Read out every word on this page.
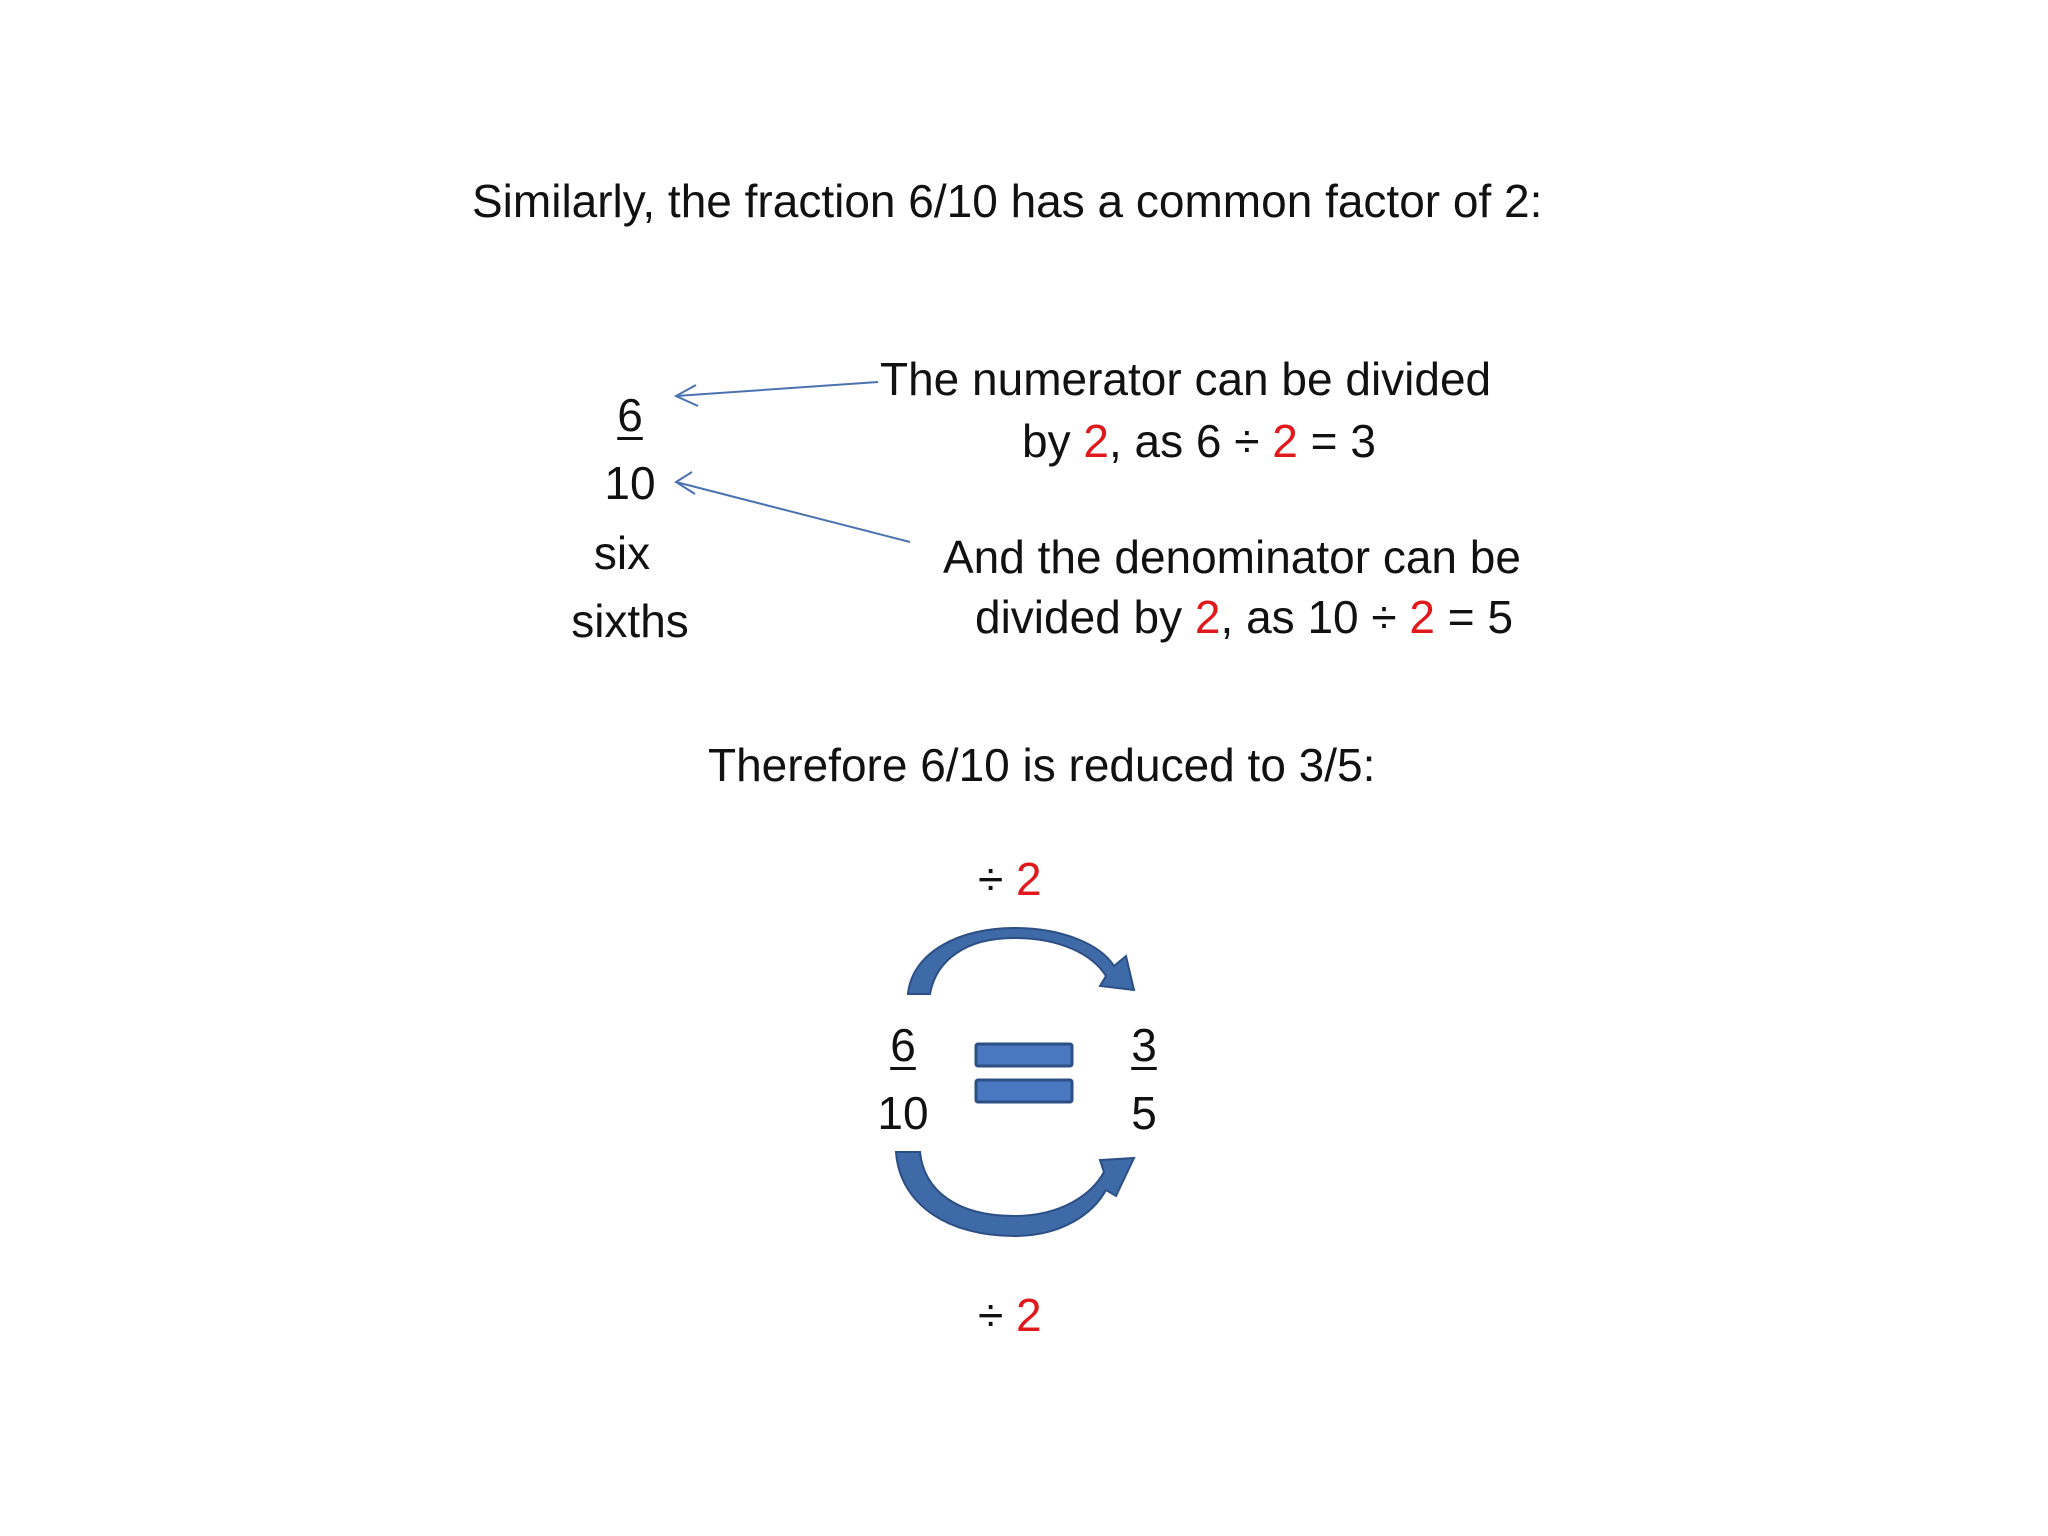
Similarly, the fraction 6/10 has a common factor of 2:
6
10
six
sixths
The numerator can be divided
by 2, as 6 ÷ 2 = 3
And the denominator can be
divided by 2, as 10 ÷ 2 = 5
Therefore 6/10 is reduced to 3/5:
÷ 2
6
10
3
5
÷ 2
